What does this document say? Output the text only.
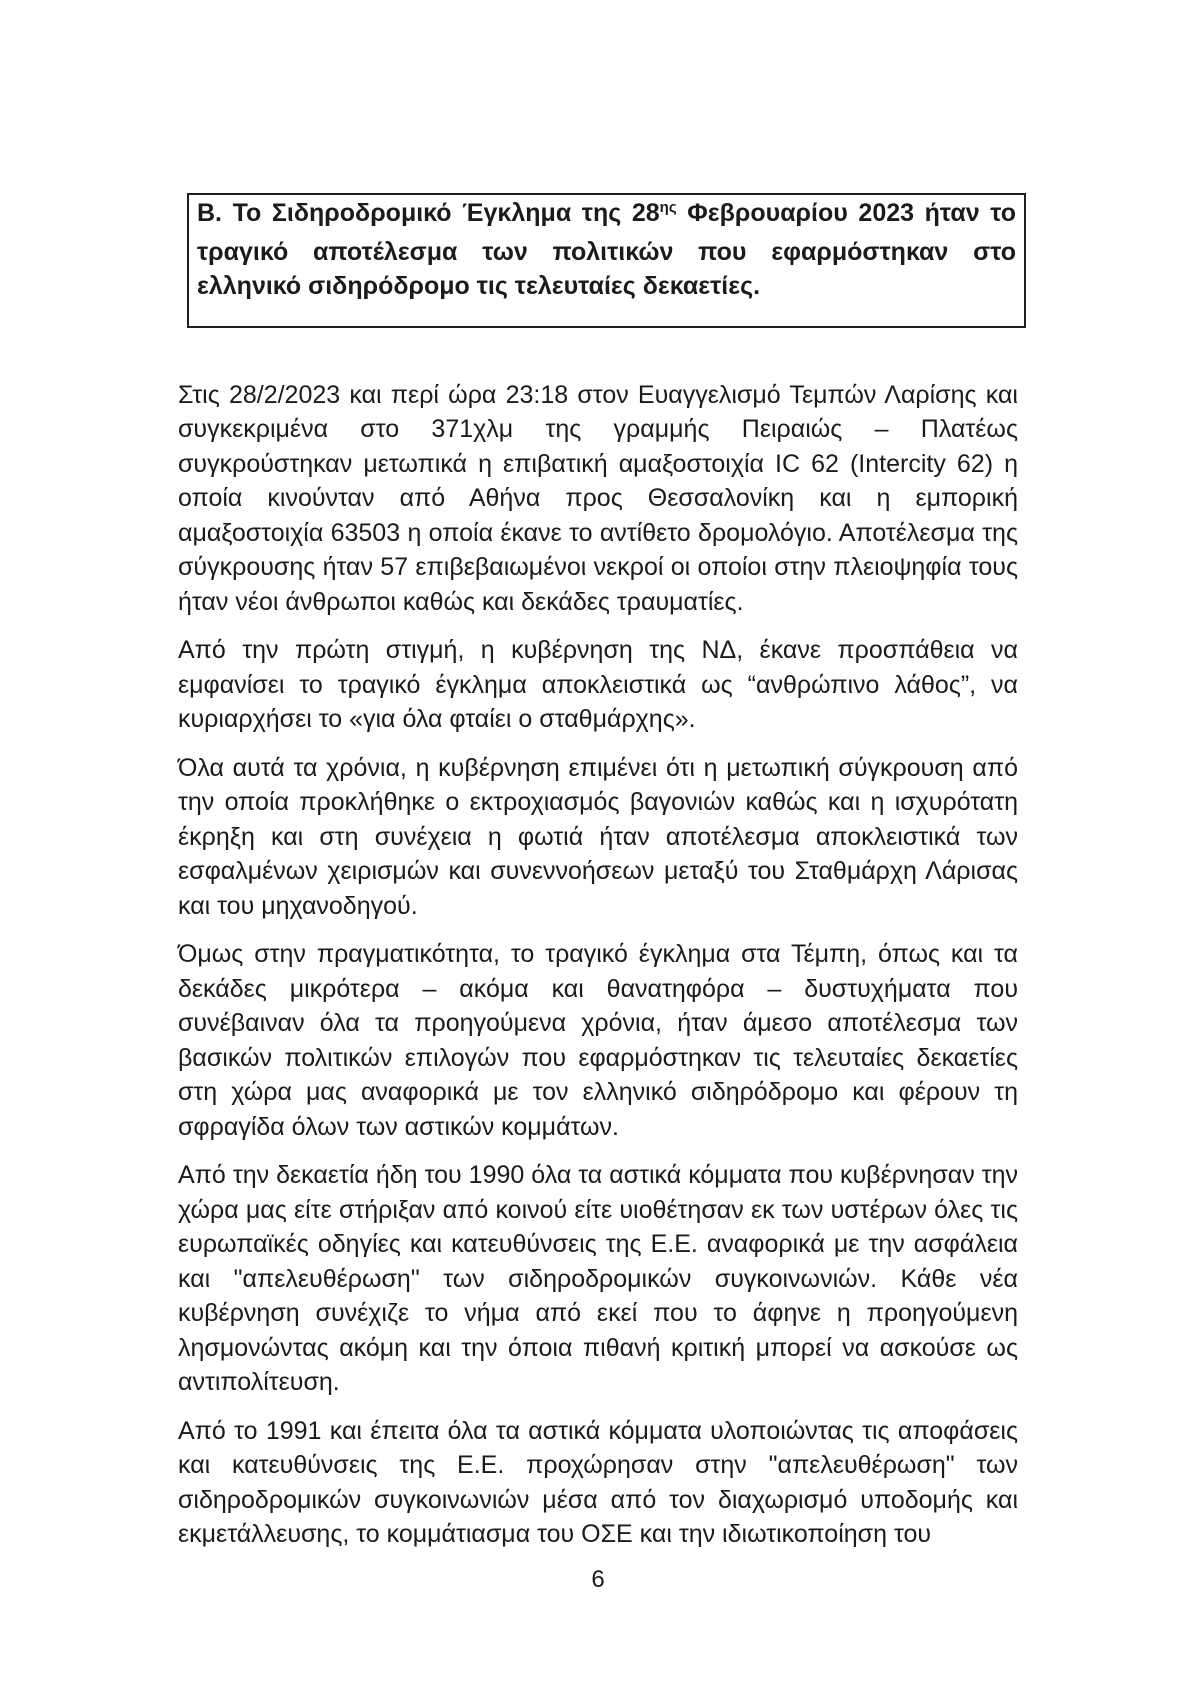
Β. Το Σιδηροδρομικό Έγκλημα της $28^{\eta\varsigma}$ Φεβρουαρίου 2023 ήταν το τραγικό αποτέλεσμα των πολιτικών που εφαρμόστηκαν στο ελληνικό σιδηρόδρομο τις τελευταίες δεκαετίες.

Στις 28/2/2023 και περί ώρα 23:18 στον Ευαγγελισμό Τεμπών Λαρίσης και συγκεκριμένα στο 371χλμ της γραμμής Πειραιώς – Πλατέως συγκρούστηκαν μετωπικά η επιβατική αμαξοστοιχία IC 62 (Intercity 62) η οποία κινούνταν από Αθήνα προς Θεσσαλονίκη και η εμπορική αμαξοστοιχία 63503 η οποία έκανε το αντίθετο δρομολόγιο. Αποτέλεσμα της σύγκρουσης ήταν 57 επιβεβαιωμένοι νεκροί οι οποίοι στην πλειοψηφία τους ήταν νέοι άνθρωποι καθώς και δεκάδες τραυματίες.

Από την πρώτη στιγμή, η κυβέρνηση της ΝΔ, έκανε προσπάθεια να εμφανίσει το τραγικό έγκλημα αποκλειστικά ως “ανθρώπινο λάθος”, να κυριαρχήσει το «για όλα φταίει ο σταθμάρχης».

Όλα αυτά τα χρόνια, η κυβέρνηση επιμένει ότι η μετωπική σύγκρουση από την οποία προκλήθηκε ο εκτροχιασμός βαγονιών καθώς και η ισχυρότατη έκρηξη και στη συνέχεια η φωτιά ήταν αποτέλεσμα αποκλειστικά των εσφαλμένων χειρισμών και συνεννοήσεων μεταξύ του Σταθμάρχη Λάρισας και του μηχανοδηγού.

Όμως στην πραγματικότητα, το τραγικό έγκλημα στα Τέμπη, όπως και τα δεκάδες μικρότερα – ακόμα και θανατηφόρα – δυστυχήματα που συνέβαιναν όλα τα προηγούμενα χρόνια, ήταν άμεσο αποτέλεσμα των βασικών πολιτικών επιλογών που εφαρμόστηκαν τις τελευταίες δεκαετίες στη χώρα μας αναφορικά με τον ελληνικό σιδηρόδρομο και φέρουν τη σφραγίδα όλων των αστικών κομμάτων.

Από την δεκαετία ήδη του 1990 όλα τα αστικά κόμματα που κυβέρνησαν την χώρα μας είτε στήριξαν από κοινού είτε υιοθέτησαν εκ των υστέρων όλες τις ευρωπαϊκές οδηγίες και κατευθύνσεις της Ε.Ε. αναφορικά με την ασφάλεια και "απελευθέρωση" των σιδηροδρομικών συγκοινωνιών. Κάθε νέα κυβέρνηση συνέχιζε το νήμα από εκεί που το άφηνε η προηγούμενη λησμονώντας ακόμη και την όποια πιθανή κριτική μπορεί να ασκούσε ως αντιπολίτευση.

Από το 1991 και έπειτα όλα τα αστικά κόμματα υλοποιώντας τις αποφάσεις και κατευθύνσεις της Ε.Ε. προχώρησαν στην "απελευθέρωση" των σιδηροδρομικών συγκοινωνιών μέσα από τον διαχωρισμό υποδομής και εκμετάλλευσης, το κομμάτιασμα του ΟΣΕ και την ιδιωτικοποίηση του

6
